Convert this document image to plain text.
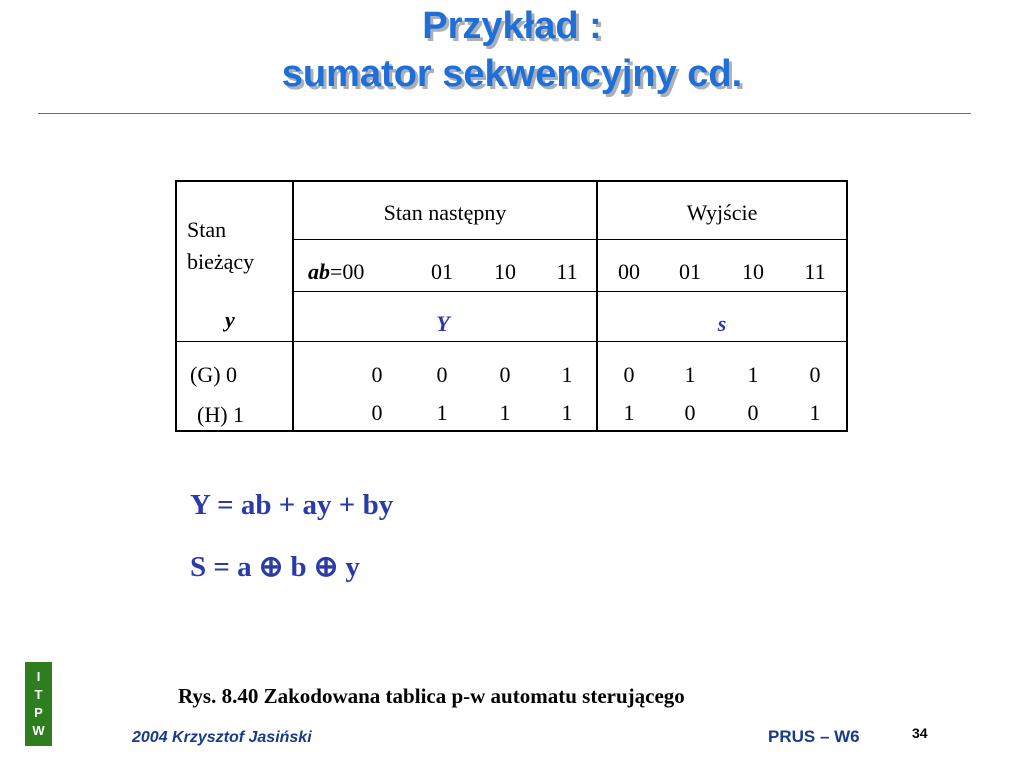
Przykład :
sumator sekwencyjny cd.
Stan
bieżący
y
Stan następny	Wyjście
ab=00	01	10	11	00	01	10	11
Y	s
(G) 0	0	0	0	1	0	1	1	0
(H) 1	0	1	1	1	1	0	0	1
Y = ab + ay + by
S = a ⊕ b ⊕ y
Rys. 8.40 Zakodowana tablica p-w automatu sterującego
I
T
P
W	2004 Krzysztof Jasiński	PRUS – W6	34
